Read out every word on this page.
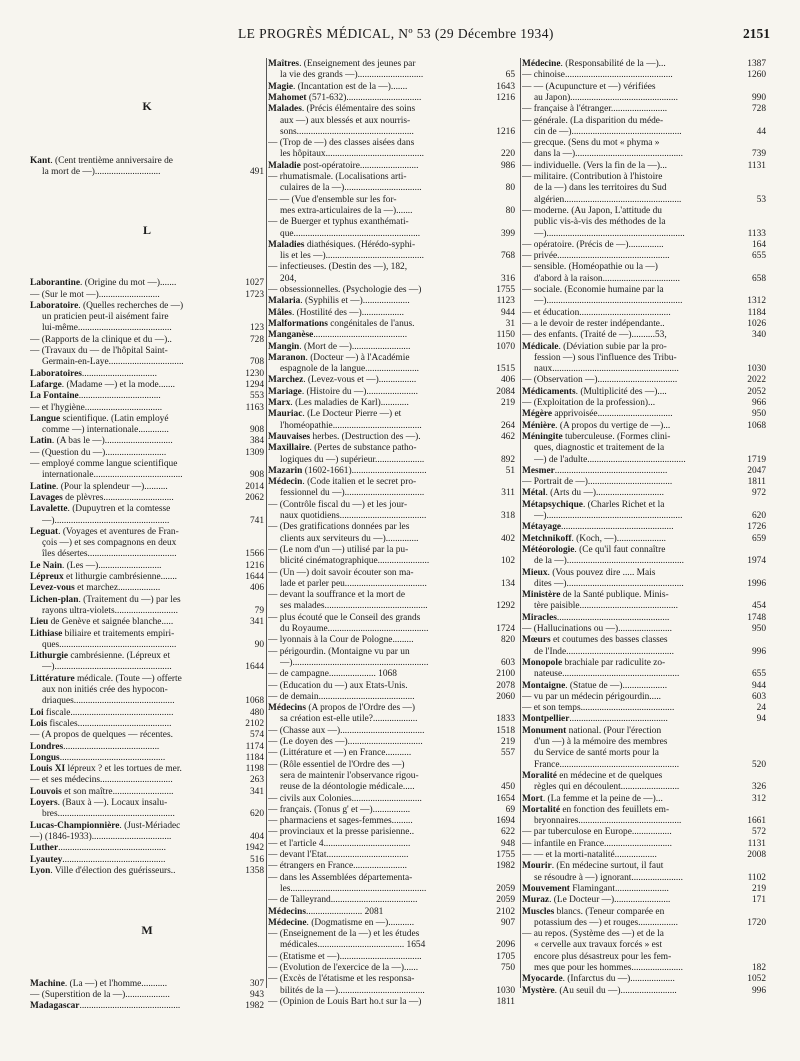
LE PROGRÈS MÉDICAL, Nº 53 (29 Décembre 1934)	2151
K
Kant. (Cent trentième anniversaire de
la mort de —)............................	491
L
Laborantine. (Origine du mot —).......	1027
— (Sur le mot —)..........................	1723
Laboratoire. (Quelles recherches de —)
un praticien peut-il aisément faire
lui-même........................................	123
— (Rapports de la clinique et du —)..	728
— (Travaux du — de l'hôpital Saint-
Germain-en-Laye................................	708
Laboratoires................................	1230
Lafarge. (Madame —) et la mode.......	1294
La Fontaine...................................	553
— et l'hygiène.................................	1163
Langue scientifique. (Latin employé
comme —) internationale.............	908
Latin. (A bas le —).............................	384
— (Question du —)..........................	1309
— employé comme langue scientifique
internationale......................................	908
Latine. (Pour la splendeur —)..........	2014
Lavages de plèvres..............................	2062
Lavalette. (Dupuytren et la comtesse
—).................................................	741
Leguat. (Voyages et aventures de Fran-
çois —) et ses compagnons en deux
îles désertes......................................	1566
Le Nain. (Les —)...........................	1216
Lépreux et lithurgie cambrésienne.......	1644
Levez-vous et marchez..................	406
Lichen-plan. (Traitement du —) par les
rayons ultra-violets...........................	79
Lieu de Genève et saignée blanche.....	341
Lithiase biliaire et traitements empiri-
ques..................................................	90
Lithurgie cambrésienne. (Lépreux et
—)..................................................	1644
Littérature médicale. (Toute —) offerte
aux non initiés crée des hypocon-
driaques...........................................	1068
Loi fiscale............................................	480
Lois fiscales........................................	2102
— (A propos de quelques — récentes.	574
Londres.........................................	1174
Longus.............................................	1184
Louis XI lépreux ? et les tortues de mer.	1198
— et ses médecins...............................	263
Louvois et son maître..........................	341
Loyers. (Baux à —). Locaux insalu-
bres..................................................	620
Lucas-Championnière. (Just-Mériadec
—) (1846-1933)..................................	404
Luther..............................................	1942
Lyautey............................................	516
Lyon. Ville d'élection des guérisseurs..	1358
M
Machine. (La —) et l'homme...........	307
— (Superstition de la —)...................	943
Madagascar...........................................	1982
Maîtres. (Enseignement des jeunes par
la vie des grands —)............................	65
Magie. (Incantation est de la —).......	1643
Mahomet (571-632)................................	1216
Malades. (Précis élémentaire des soins
aux —) aux blessés et aux nourris-
sons..................................................	1216
— (Trop de —) des classes aisées dans
les hôpitaux..........................................	220
Maladie post-opératoire.........................	986
— rhumatismale. (Localisations arti-
culaires de la —).................................	80
— — (Vue d'ensemble sur les for-
mes extra-articulaires de la —).......	80
— de Buerger et typhus exanthémati-
que......................................................	399
Maladies diathésiques. (Hérédo-syphi-
lis et les —)..........................................	768
— infectieuses. (Destin des —), 182,
204,	316
— obsessionnelles. (Psychologie des —)	1755
Malaria. (Syphilis et —)....................	1123
Mâles. (Hostilité des —)..................	944
Malformations congénitales de l'anus.	31
Manganèse........................................	1150
Mangin. (Mort de —).........................	1070
Maranon. (Docteur —) à l'Académie
espagnole de la langue.......................	1515
Marchez. (Levez-vous et —)................	406
Mariage. (Histoire du —)......................	2084
Marx. (Les maladies de Karl)............	219
Mauriac. (Le Docteur Pierre —) et
l'homéopathie......................................	264
Mauvaises herbes. (Destruction des —).	462
Maxillaire. (Pertes de substance patho-
logiques du —) supérieur.....................	892
Mazarin (1602-1661)................................	51
Médecin. (Code italien et le secret pro-
fessionnel du —)..................................	311
— (Contrôle fiscal du —) et les jour-
naux quotidiens.....................................	318
— (Des gratifications données par les
clients aux serviteurs du —)..............	402
— (Le nom d'un —) utilisé par la pu-
blicité cinématographique......................	102
— (Un —) doit savoir écouter son ma-
lade et parler peu...................................	134
— devant la souffrance et la mort de
ses malades............................................	1292
— plus écouté que le Conseil des grands
du Royaume...........................................	1724
— lyonnais à la Cour de Pologne.........	820
— périgourdin. (Montaigne vu par un
—)..........................................................	603
— de campagne.................... 1068	2100
— (Education du —) aux Etats-Unis.	2078
— de demain.........................................	2060
Médecins (A propos de l'Ordre des —)
sa création est-elle utile?...................	1833
— (Chasse aux —)....................................	1518
— (Le doyen des —)................................	219
— (Littérature et —) en France...........	557
— (Rôle essentiel de l'Ordre des —)
sera de maintenir l'observance rigou-
reuse de la déontologie médicale.....	450
— civils aux Colonies..............................	1654
— français. (Tonus g' et —)................	69
— pharmaciens et sages-femmes.........	1694
— provinciaux et la presse parisienne..	622
— et l'article 4.....................................	948
— devant l'Etat...................................	1755
— étrangers en France.......................	1982
— dans les Assemblées départementa-
les..........................................................	2059
— de Talleyrand.....................................	2059
Médecins........................ 2081	2102
Médecine. (Dogmatisme en —)...........	907
— (Enseignement de la —) et les études
médicales..................................... 1654	2096
— (Etatisme et —)...................................	1705
— (Evolution de l'exercice de la —)......	750
— (Excès de l'étatisme et les responsa-
bilités de la —).....................................	1030
— (Opinion de Louis Bart ho.t sur la —)	1811
Médecine. (Responsabilité de la —)...	1387
— chinoise..............................................	1260
— — (Acupuncture et —) vérifiées
au Japon)..............................................	990
— française à l'étranger........................	728
— générale. (La disparition du méde-
cin de —)...............................................	44
— grecque. (Sens du mot « phyma »
dans la —)..............................................	739
— individuelle. (Vers la fin de la —)...	1131
— militaire. (Contribution à l'histoire
de la —) dans les territoires du Sud
algérien..................................................	53
— moderne. (Au Japon, L'attitude du
public vis-à-vis des méthodes de la
—)...........................................................	1133
— opératoire. (Précis de —)...............	164
— privée................................................	655
— sensible. (Homéopathie ou la —)
d'abord à la raison.................................	658
— sociale. (Economie humaine par la
—)..........................................................	1312
— et éducation.......................................	1184
— a le devoir de rester indépendante..	1026
— des enfants. (Traité de —)..........53,	340
Médicale. (Déviation subie par la pro-
fession —) sous l'influence des Tribu-
naux......................................................	1030
— (Observation —)..................................	2022
Médicaments. (Multiplicité des —)....	2052
— (Exploitation de la profession)...	966
Mégère apprivoisée................................	950
Ménière. (A propos du vertige de —)...	1068
Méningite tuberculeuse. (Formes clini-
ques, diagnostic et traitement de la
—) de l'adulte..........................................	1719
Mesmer................................................	2047
— Portrait de —)....................................	1811
Métal. (Arts du —).............................	972
Métapsychique. (Charles Richet et la
—)..........................................................	620
Métayage................................................	1726
Metchnikoff. (Koch, —).....................	659
Météorologie. (Ce qu'il faut connaître
de la —)..................................................	1974
Mieux. (Vous pouvez dire ..... Mais
dites —)..................................................	1996
Ministère de la Santé publique. Minis-
tère paisible..........................................	454
Miracles................................................	1748
— (Hallucinations ou —).......................	950
Mœurs et coutumes des basses classes
de l'Inde..............................................	996
Monopole brachiale par radiculite zo-
nateuse..................................................	655
Montaigne. (Statue de —)...................	944
— vu par un médecin périgourdin.....	603
— et son temps........................................	24
Montpellier..........................................	94
Monument national. (Pour l'érection
d'un —) à la mémoire des membres
du Service de santé morts pour la
France...................................................	520
Moralité en médecine et de quelques
règles qui en découlent.........................	326
Mort. (La femme et la peine de —)...	312
Mortalité en fonction des feuillets em-
bryonnaires............................................	1661
— par tuberculose en Europe.................	572
— infantile en France.............................	1131
— — et la morti-natalité..................	2008
Mourir. (En médecine surtout, il faut
se résoudre à —) ignorant......................	1102
Mouvement Flamingant.......................	219
Muraz. (Le Docteur —)........................	171
Muscles blancs. (Teneur comparée en
potassium des —) et rouges.................	1720
— au repos. (Système des —) et de la
« cervelle aux travaux forcés » est
encore plus désastreux pour les fem-
mes que pour les hommes......................	182
Myocarde. (Infarctus du —)...................	1052
Mystère. (Au seuil du —)........................	996
